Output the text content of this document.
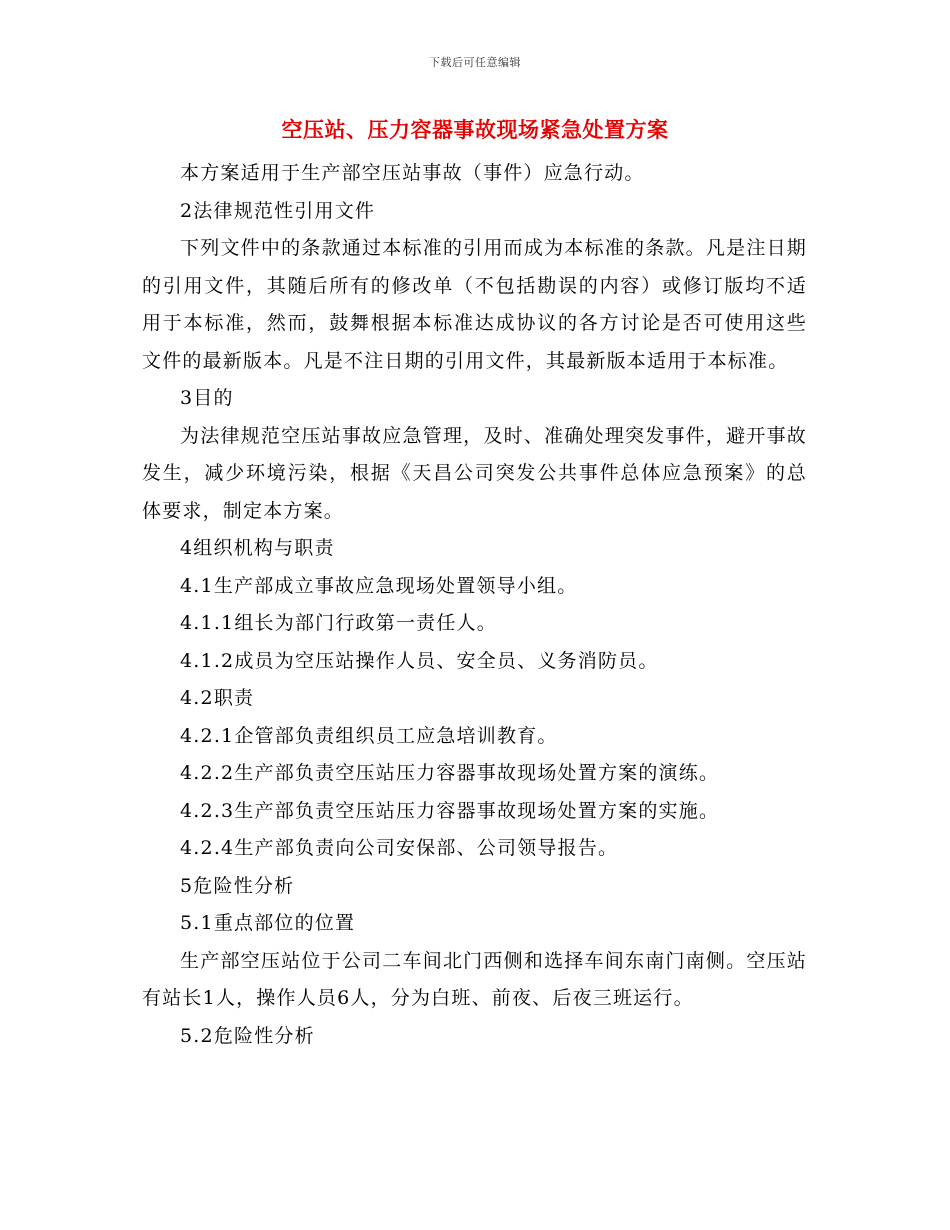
下载后可任意编辑
空压站、压力容器事故现场紧急处置方案

本方案适用于生产部空压站事故（事件）应急行动。

2法律规范性引用文件

下列文件中的条款通过本标准的引用而成为本标准的条款。凡是注日期的引用文件，其随后所有的修改单（不包括勘误的内容）或修订版均不适用于本标准，然而，鼓舞根据本标准达成协议的各方讨论是否可使用这些文件的最新版本。凡是不注日期的引用文件，其最新版本适用于本标准。

3目的

为法律规范空压站事故应急管理，及时、准确处理突发事件，避开事故发生，减少环境污染，根据《天昌公司突发公共事件总体应急预案》的总体要求，制定本方案。

4组织机构与职责

4.1生产部成立事故应急现场处置领导小组。

4.1.1组长为部门行政第一责任人。

4.1.2成员为空压站操作人员、安全员、义务消防员。

4.2职责

4.2.1企管部负责组织员工应急培训教育。

4.2.2生产部负责空压站压力容器事故现场处置方案的演练。

4.2.3生产部负责空压站压力容器事故现场处置方案的实施。

4.2.4生产部负责向公司安保部、公司领导报告。

5危险性分析

5.1重点部位的位置

生产部空压站位于公司二车间北门西侧和选择车间东南门南侧。空压站有站长1人，操作人员6人，分为白班、前夜、后夜三班运行。

5.2危险性分析
